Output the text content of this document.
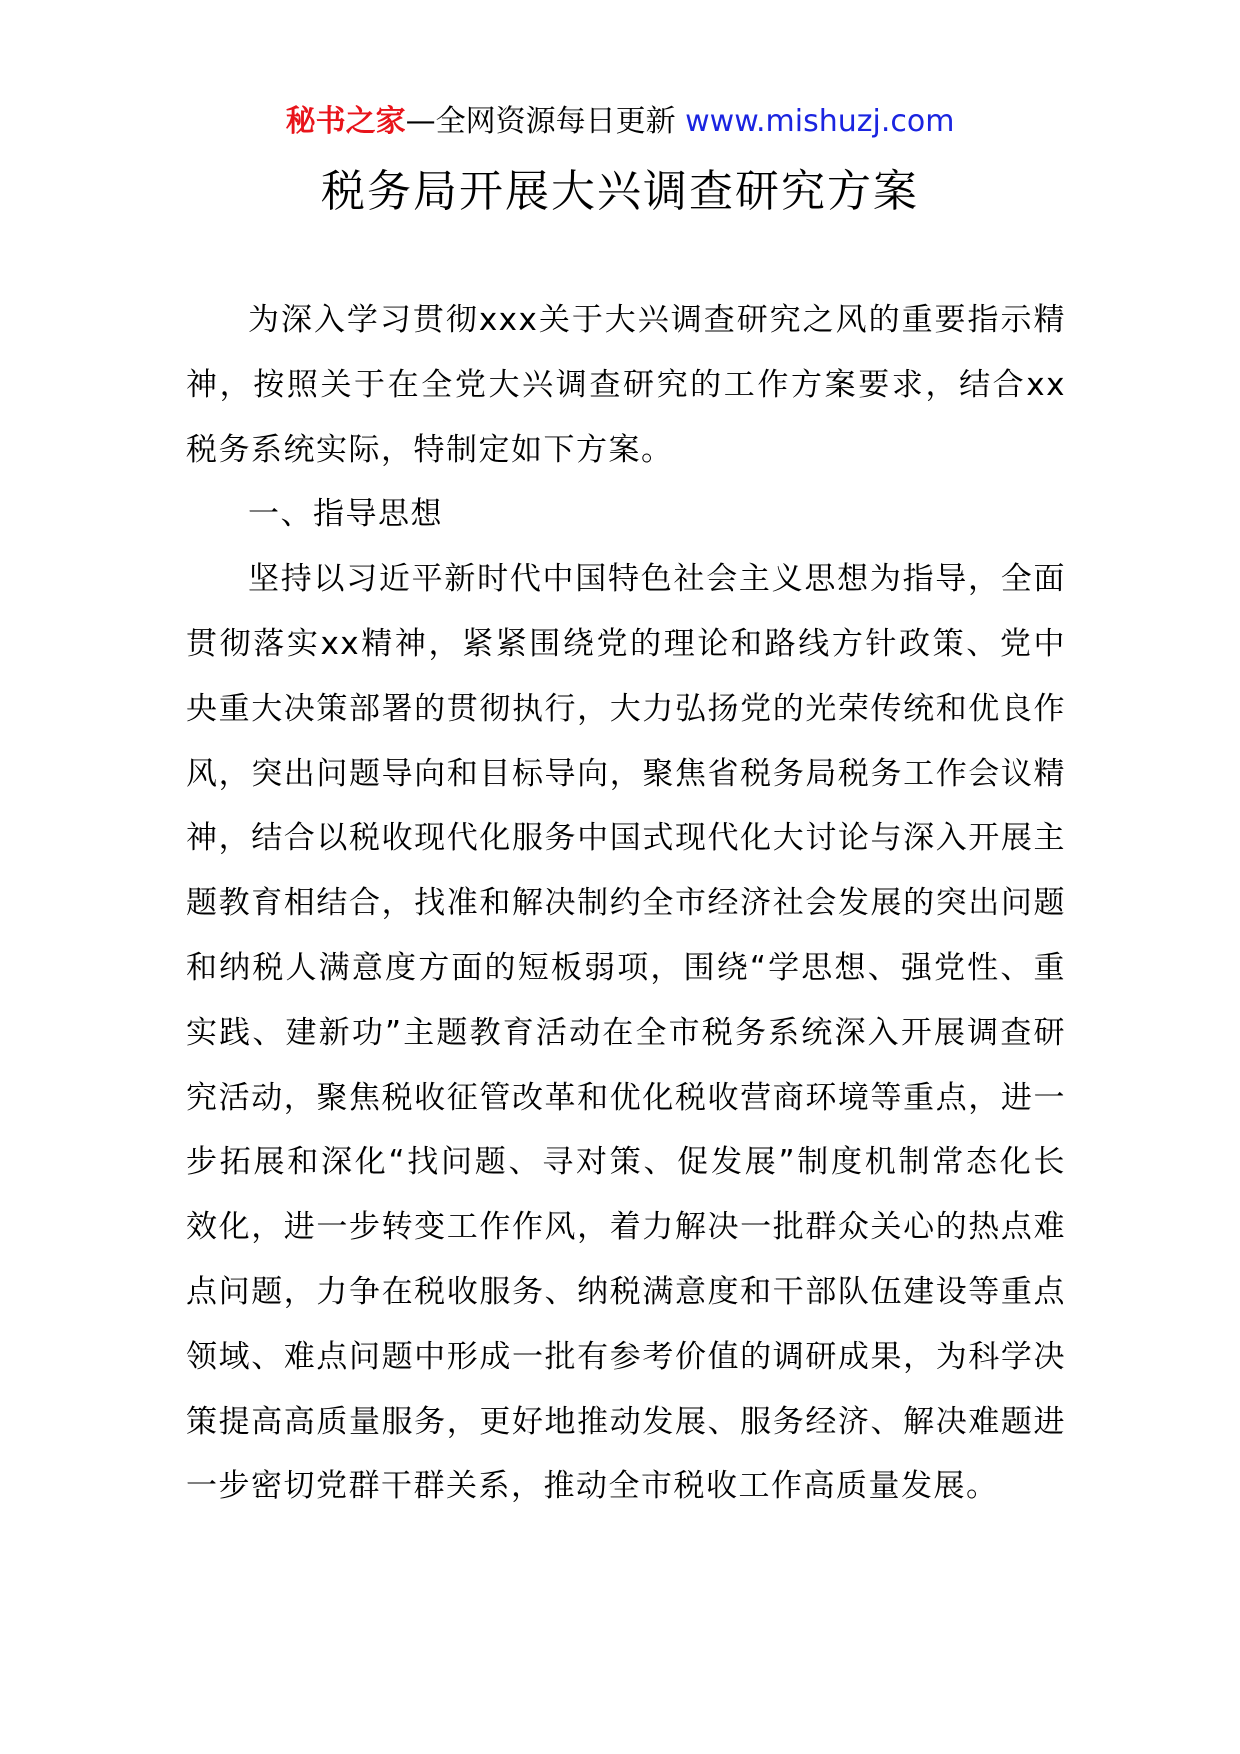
秘书之家—全网资源每日更新 www.mishuzj.com
税务局开展大兴调查研究方案

为深入学习贯彻xxx关于大兴调查研究之风的重要指示精神，按照关于在全党大兴调查研究的工作方案要求，结合xx税务系统实际，特制定如下方案。

一、指导思想

坚持以习近平新时代中国特色社会主义思想为指导，全面贯彻落实xx精神，紧紧围绕党的理论和路线方针政策、党中央重大决策部署的贯彻执行，大力弘扬党的光荣传统和优良作风，突出问题导向和目标导向，聚焦省税务局税务工作会议精神，结合以税收现代化服务中国式现代化大讨论与深入开展主题教育相结合，找准和解决制约全市经济社会发展的突出问题和纳税人满意度方面的短板弱项，围绕“学思想、强党性、重实践、建新功”主题教育活动在全市税务系统深入开展调查研究活动，聚焦税收征管改革和优化税收营商环境等重点，进一步拓展和深化“找问题、寻对策、促发展”制度机制常态化长效化，进一步转变工作作风，着力解决一批群众关心的热点难点问题，力争在税收服务、纳税满意度和干部队伍建设等重点领域、难点问题中形成一批有参考价值的调研成果，为科学决策提高高质量服务，更好地推动发展、服务经济、解决难题进一步密切党群干群关系，推动全市税收工作高质量发展。
